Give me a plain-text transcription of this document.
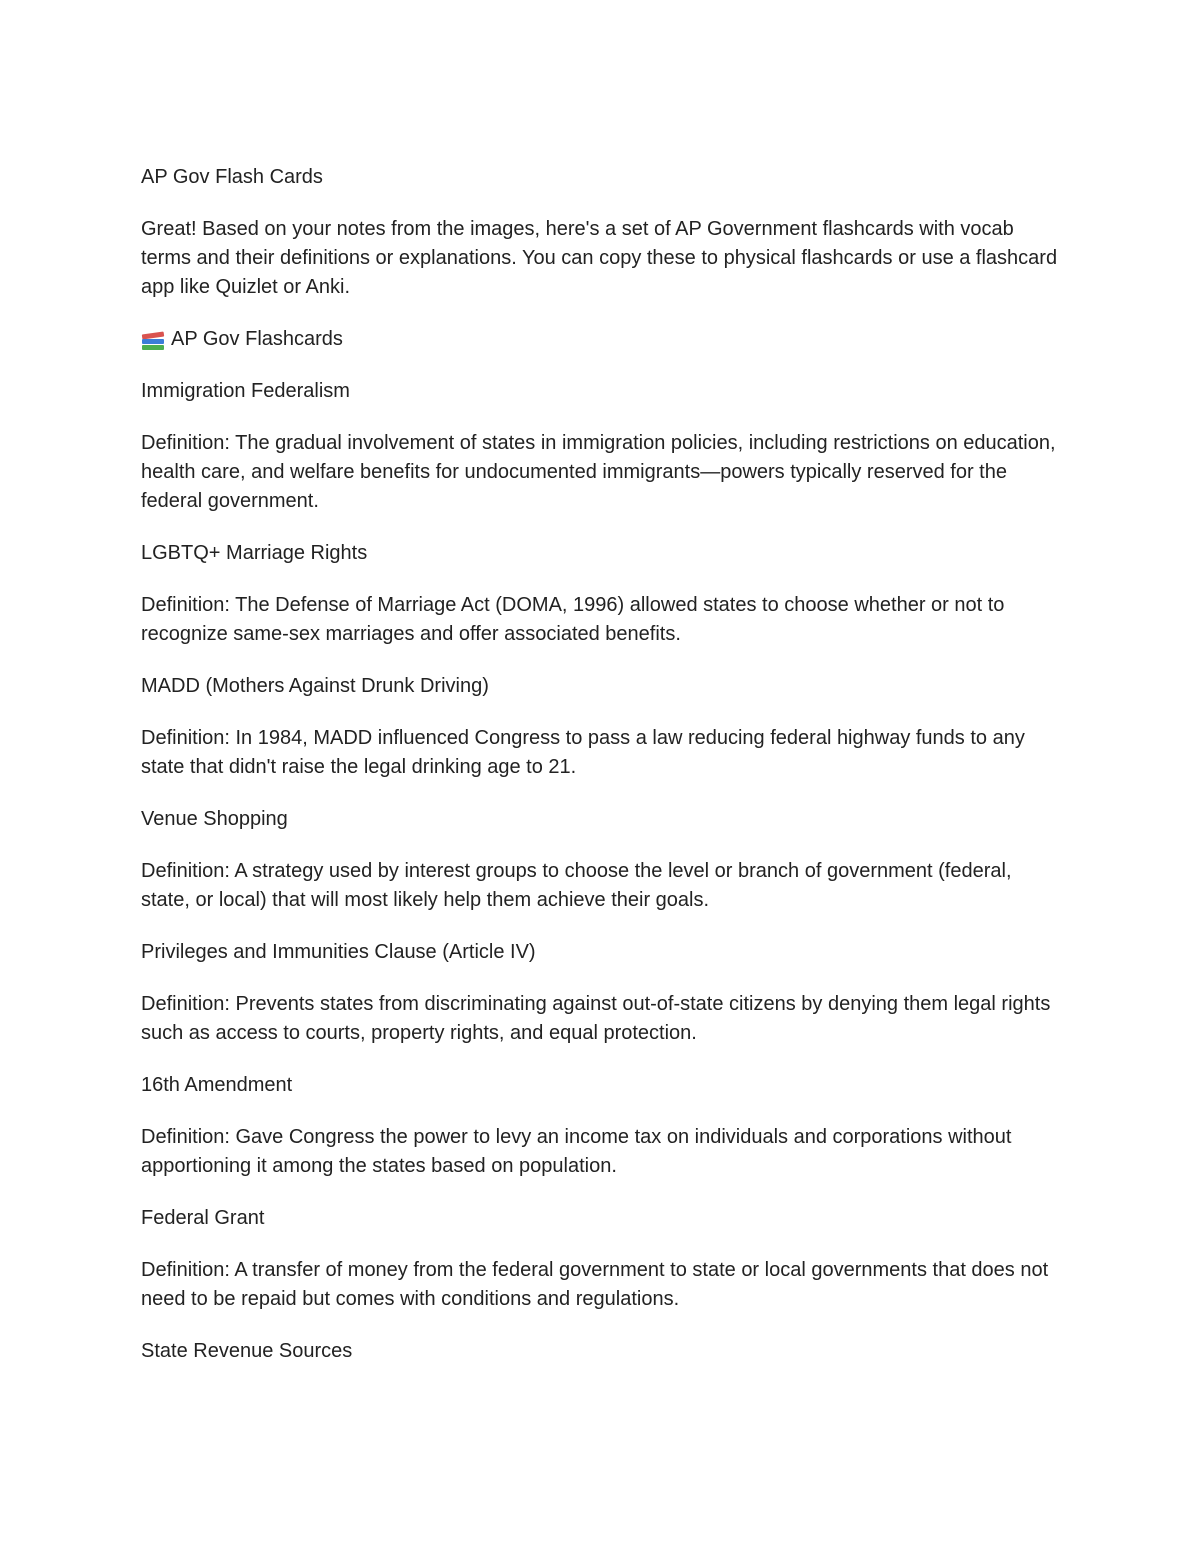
AP Gov Flash Cards

Great! Based on your notes from the images, here's a set of AP Government flashcards with vocab terms and their definitions or explanations. You can copy these to physical flashcards or use a flashcard app like Quizlet or Anki.

AP Gov Flashcards

Immigration Federalism

Definition: The gradual involvement of states in immigration policies, including restrictions on education, health care, and welfare benefits for undocumented immigrants—powers typically reserved for the federal government.

LGBTQ+ Marriage Rights

Definition: The Defense of Marriage Act (DOMA, 1996) allowed states to choose whether or not to recognize same-sex marriages and offer associated benefits.

MADD (Mothers Against Drunk Driving)

Definition: In 1984, MADD influenced Congress to pass a law reducing federal highway funds to any state that didn't raise the legal drinking age to 21.

Venue Shopping

Definition: A strategy used by interest groups to choose the level or branch of government (federal, state, or local) that will most likely help them achieve their goals.

Privileges and Immunities Clause (Article IV)

Definition: Prevents states from discriminating against out-of-state citizens by denying them legal rights such as access to courts, property rights, and equal protection.

16th Amendment

Definition: Gave Congress the power to levy an income tax on individuals and corporations without apportioning it among the states based on population.

Federal Grant

Definition: A transfer of money from the federal government to state or local governments that does not need to be repaid but comes with conditions and regulations.

State Revenue Sources
